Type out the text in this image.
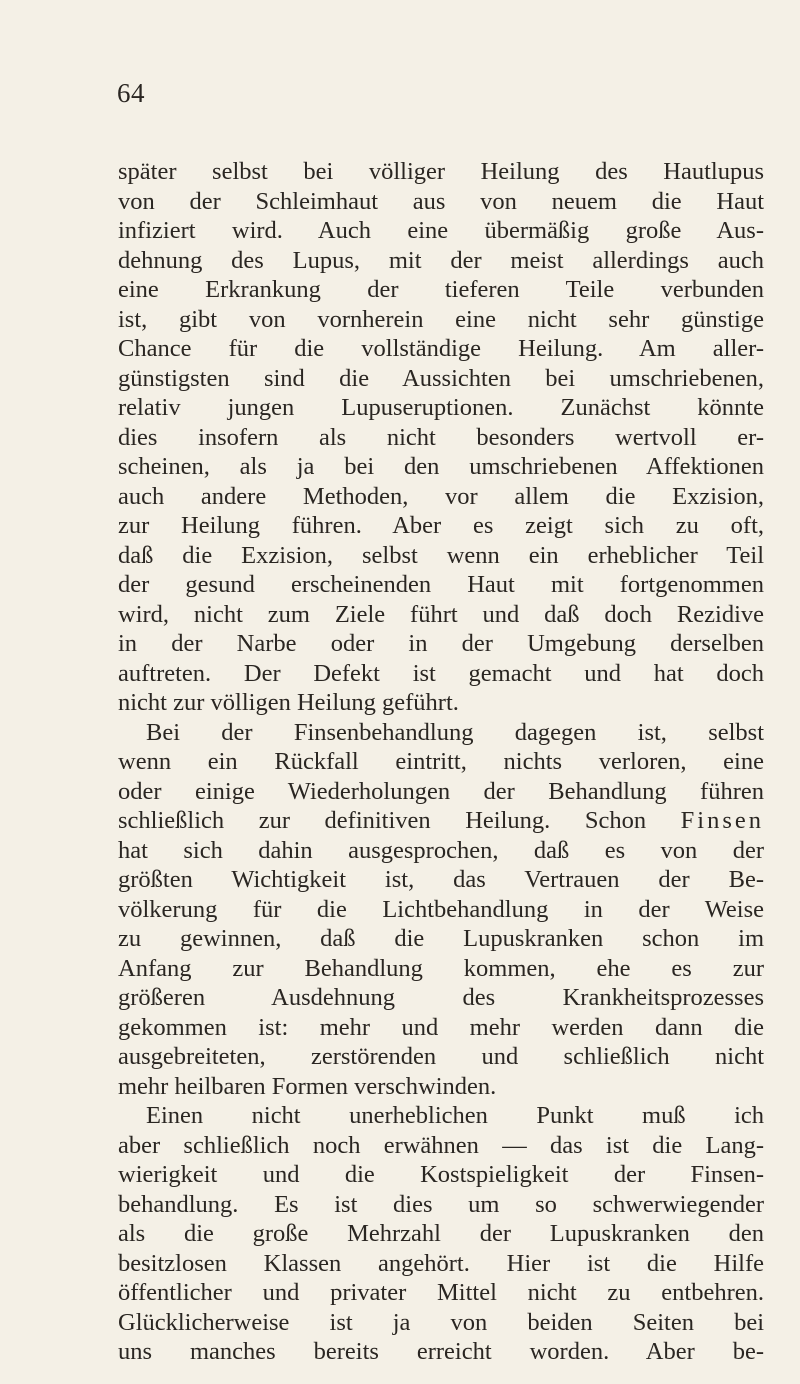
64
später selbst bei völliger Heilung des Hautlupus
von der Schleimhaut aus von neuem die Haut
infiziert wird. Auch eine übermäßig große Aus-
dehnung des Lupus, mit der meist allerdings auch
eine Erkrankung der tieferen Teile verbunden
ist, gibt von vornherein eine nicht sehr günstige
Chance für die vollständige Heilung. Am aller-
günstigsten sind die Aussichten bei umschriebenen,
relativ jungen Lupuseruptionen. Zunächst könnte
dies insofern als nicht besonders wertvoll er-
scheinen, als ja bei den umschriebenen Affektionen
auch andere Methoden, vor allem die Exzision,
zur Heilung führen. Aber es zeigt sich zu oft,
daß die Exzision, selbst wenn ein erheblicher Teil
der gesund erscheinenden Haut mit fortgenommen
wird, nicht zum Ziele führt und daß doch Rezidive
in der Narbe oder in der Umgebung derselben
auftreten. Der Defekt ist gemacht und hat doch
nicht zur völligen Heilung geführt.
Bei der Finsenbehandlung dagegen ist, selbst
wenn ein Rückfall eintritt, nichts verloren, eine
oder einige Wiederholungen der Behandlung führen
schließlich zur definitiven Heilung. Schon Finsen
hat sich dahin ausgesprochen, daß es von der
größten Wichtigkeit ist, das Vertrauen der Be-
völkerung für die Lichtbehandlung in der Weise
zu gewinnen, daß die Lupuskranken schon im
Anfang zur Behandlung kommen, ehe es zur
größeren Ausdehnung des Krankheitsprozesses
gekommen ist: mehr und mehr werden dann die
ausgebreiteten, zerstörenden und schließlich nicht
mehr heilbaren Formen verschwinden.
Einen nicht unerheblichen Punkt muß ich
aber schließlich noch erwähnen — das ist die Lang-
wierigkeit und die Kostspieligkeit der Finsen-
behandlung. Es ist dies um so schwerwiegender
als die große Mehrzahl der Lupuskranken den
besitzlosen Klassen angehört. Hier ist die Hilfe
öffentlicher und privater Mittel nicht zu entbehren.
Glücklicherweise ist ja von beiden Seiten bei
uns manches bereits erreicht worden. Aber be-
